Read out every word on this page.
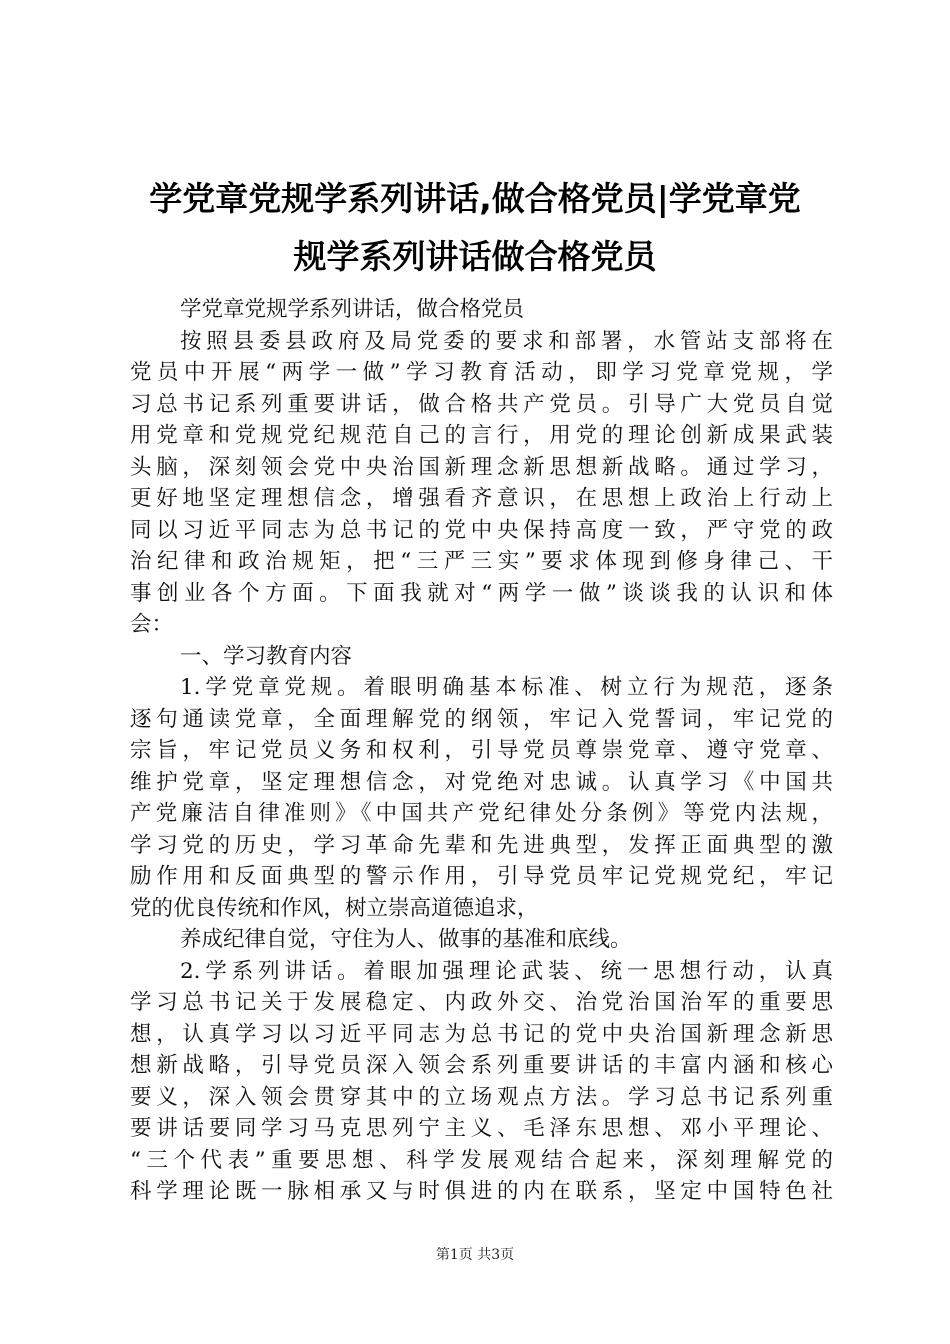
学党章党规学系列讲话,做合格党员|学党章党
规学系列讲话做合格党员
学党章党规学系列讲话，做合格党员
按照县委县政府及局党委的要求和部署，水管站支部将在
党员中开展“两学一做”学习教育活动，即学习党章党规，学
习总书记系列重要讲话，做合格共产党员。引导广大党员自觉
用党章和党规党纪规范自己的言行，用党的理论创新成果武装
头脑，深刻领会党中央治国新理念新思想新战略。通过学习，
更好地坚定理想信念，增强看齐意识，在思想上政治上行动上
同以习近平同志为总书记的党中央保持高度一致，严守党的政
治纪律和政治规矩，把“三严三实”要求体现到修身律己、干
事创业各个方面。下面我就对“两学一做”谈谈我的认识和体
会：
一、学习教育内容
1.学党章党规。着眼明确基本标准、树立行为规范，逐条
逐句通读党章，全面理解党的纲领，牢记入党誓词，牢记党的
宗旨，牢记党员义务和权利，引导党员尊崇党章、遵守党章、
维护党章，坚定理想信念，对党绝对忠诚。认真学习《中国共
产党廉洁自律准则》《中国共产党纪律处分条例》等党内法规，
学习党的历史，学习革命先辈和先进典型，发挥正面典型的激
励作用和反面典型的警示作用，引导党员牢记党规党纪，牢记
党的优良传统和作风，树立崇高道德追求，
养成纪律自觉，守住为人、做事的基准和底线。
2.学系列讲话。着眼加强理论武装、统一思想行动，认真
学习总书记关于发展稳定、内政外交、治党治国治军的重要思
想，认真学习以习近平同志为总书记的党中央治国新理念新思
想新战略，引导党员深入领会系列重要讲话的丰富内涵和核心
要义，深入领会贯穿其中的立场观点方法。学习总书记系列重
要讲话要同学习马克思列宁主义、毛泽东思想、邓小平理论、
“三个代表”重要思想、科学发展观结合起来，深刻理解党的
科学理论既一脉相承又与时俱进的内在联系，坚定中国特色社
第1页 共3页
